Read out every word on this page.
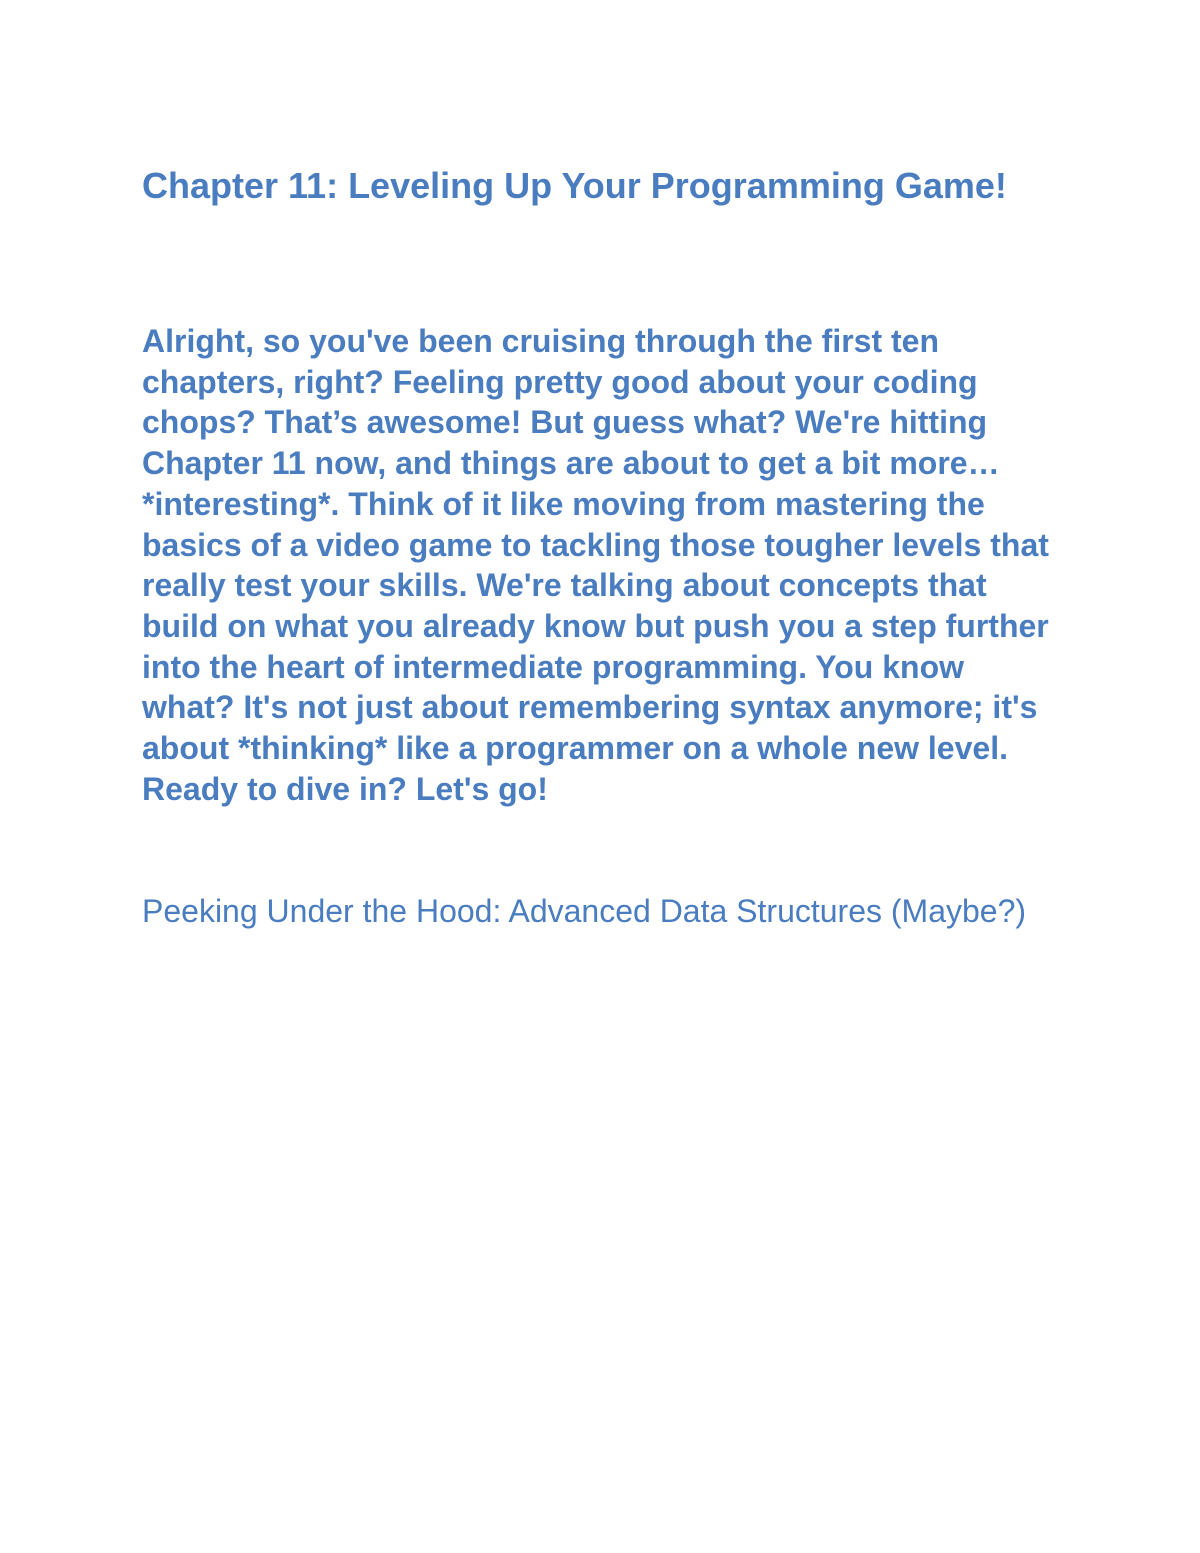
Chapter 11: Leveling Up Your Programming Game!

Alright, so you've been cruising through the first ten chapters, right? Feeling pretty good about your coding chops? That’s awesome! But guess what? We're hitting Chapter 11 now, and things are about to get a bit more… *interesting*. Think of it like moving from mastering the basics of a video game to tackling those tougher levels that really test your skills. We're talking about concepts that build on what you already know but push you a step further into the heart of intermediate programming. You know what? It's not just about remembering syntax anymore; it's about *thinking* like a programmer on a whole new level. Ready to dive in? Let's go!

Peeking Under the Hood: Advanced Data Structures (Maybe?)
